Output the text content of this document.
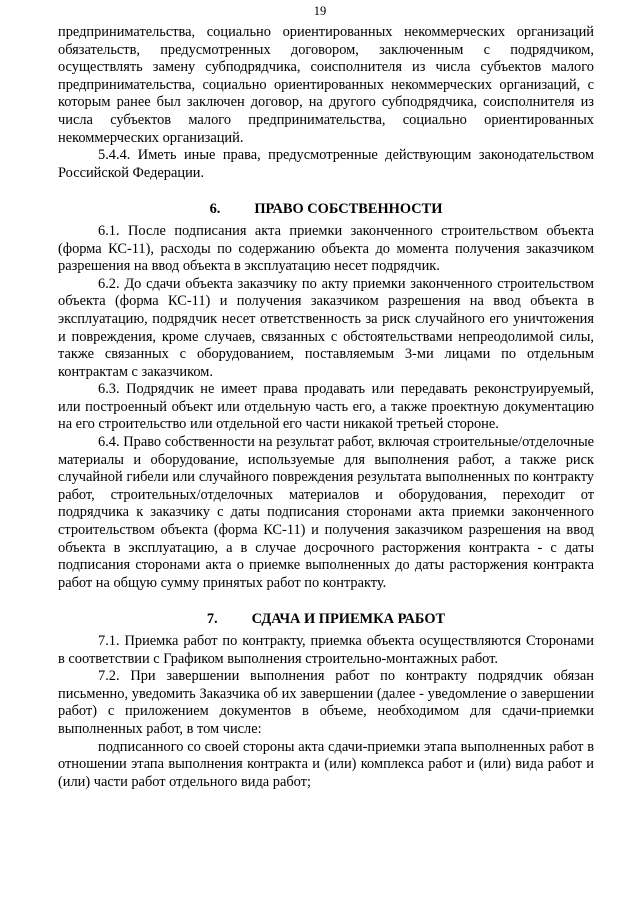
19

предпринимательства, социально ориентированных некоммерческих организаций обязательств, предусмотренных договором, заключенным с подрядчиком, осуществлять замену субподрядчика, соисполнителя из числа субъектов малого предпринимательства, социально ориентированных некоммерческих организаций, с которым ранее был заключен договор, на другого субподрядчика, соисполнителя из числа субъектов малого предпринимательства, социально ориентированных некоммерческих организаций.

5.4.4. Иметь иные права, предусмотренные действующим законодательством Российской Федерации.

6. ПРАВО СОБСТВЕННОСТИ

6.1. После подписания акта приемки законченного строительством объекта (форма КС-11), расходы по содержанию объекта до момента получения заказчиком разрешения на ввод объекта в эксплуатацию несет подрядчик.

6.2. До сдачи объекта заказчику по акту приемки законченного строительством объекта (форма КС-11) и получения заказчиком разрешения на ввод объекта в эксплуатацию, подрядчик несет ответственность за риск случайного его уничтожения и повреждения, кроме случаев, связанных с обстоятельствами непреодолимой силы, также связанных с оборудованием, поставляемым 3-ми лицами по отдельным контрактам с заказчиком.

6.3. Подрядчик не имеет права продавать или передавать реконструируемый, или построенный объект или отдельную часть его, а также проектную документацию на его строительство или отдельной его части никакой третьей стороне.

6.4. Право собственности на результат работ, включая строительные/отделочные материалы и оборудование, используемые для выполнения работ, а также риск случайной гибели или случайного повреждения результата выполненных по контракту работ, строительных/отделочных материалов и оборудования, переходит от подрядчика к заказчику с даты подписания сторонами акта приемки законченного строительством объекта (форма КС-11) и получения заказчиком разрешения на ввод объекта в эксплуатацию, а в случае досрочного расторжения контракта - с даты подписания сторонами акта о приемке выполненных до даты расторжения контракта работ на общую сумму принятых работ по контракту.

7. СДАЧА И ПРИЕМКА РАБОТ

7.1. Приемка работ по контракту, приемка объекта осуществляются Сторонами в соответствии с Графиком выполнения строительно-монтажных работ.

7.2. При завершении выполнения работ по контракту подрядчик обязан письменно, уведомить Заказчика об их завершении (далее - уведомление о завершении работ) с приложением документов в объеме, необходимом для сдачи-приемки выполненных работ, в том числе:

подписанного со своей стороны акта сдачи-приемки этапа выполненных работ в отношении этапа выполнения контракта и (или) комплекса работ и (или) вида работ и (или) части работ отдельного вида работ;
